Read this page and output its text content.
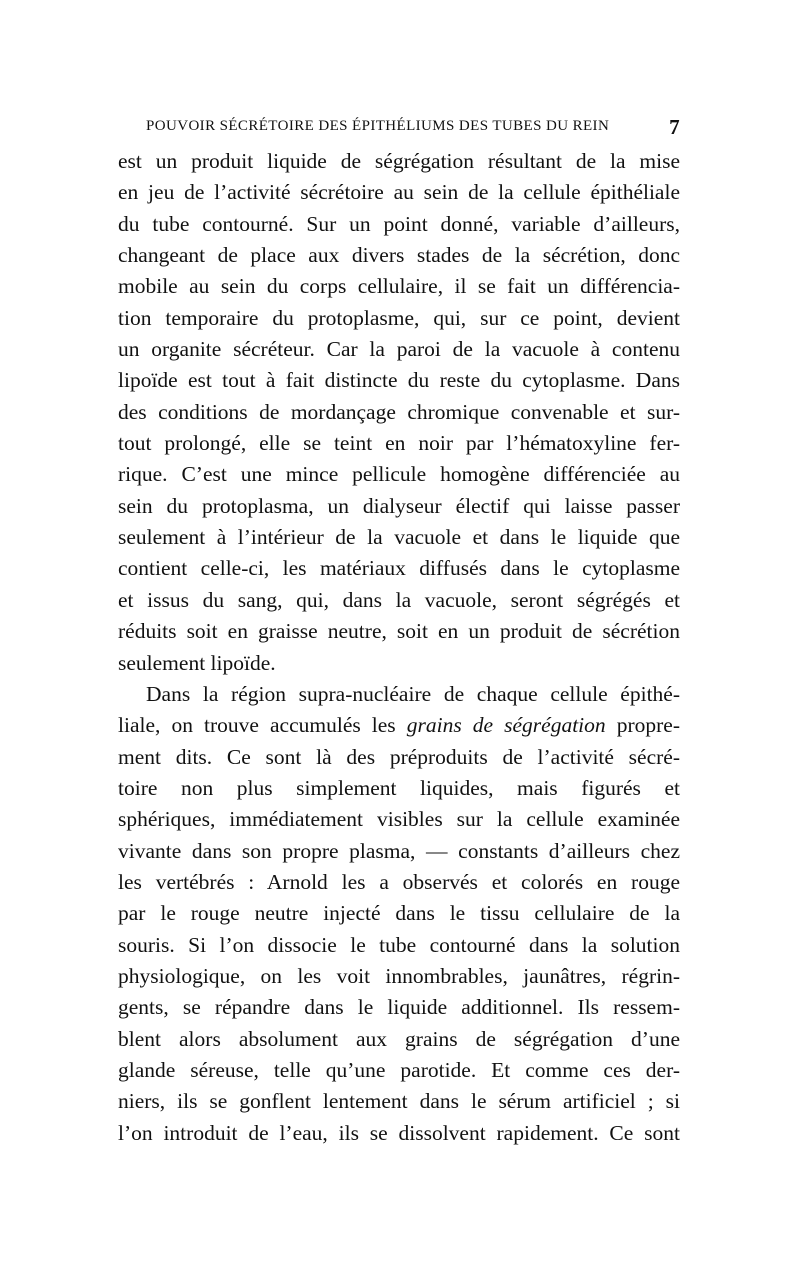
POUVOIR SÉCRÉTOIRE DES ÉPITHÉLIUMS DES TUBES DU REIN	7
est un produit liquide de ségrégation résultant de la mise
en jeu de l’activité sécrétoire au sein de la cellule épithéliale
du tube contourné. Sur un point donné, variable d’ailleurs,
changeant de place aux divers stades de la sécrétion, donc
mobile au sein du corps cellulaire, il se fait un différencia-
tion temporaire du protoplasme, qui, sur ce point, devient
un organite sécréteur. Car la paroi de la vacuole à contenu
lipoïde est tout à fait distincte du reste du cytoplasme. Dans
des conditions de mordançage chromique convenable et sur-
tout prolongé, elle se teint en noir par l’hématoxyline fer-
rique. C’est une mince pellicule homogène différenciée au
sein du protoplasma, un dialyseur électif qui laisse passer
seulement à l’intérieur de la vacuole et dans le liquide que
contient celle-ci, les matériaux diffusés dans le cytoplasme
et issus du sang, qui, dans la vacuole, seront ségrégés et
réduits soit en graisse neutre, soit en un produit de sécrétion
seulement lipoïde.
Dans la région supra-nucléaire de chaque cellule épithé-
liale, on trouve accumulés les grains de ségrégation propre-
ment dits. Ce sont là des préproduits de l’activité sécré-
toire non plus simplement liquides, mais figurés et
sphériques, immédiatement visibles sur la cellule examinée
vivante dans son propre plasma, — constants d’ailleurs chez
les vertébrés : Arnold les a observés et colorés en rouge
par le rouge neutre injecté dans le tissu cellulaire de la
souris. Si l’on dissocie le tube contourné dans la solution
physiologique, on les voit innombrables, jaunâtres, régrin-
gents, se répandre dans le liquide additionnel. Ils ressem-
blent alors absolument aux grains de ségrégation d’une
glande séreuse, telle qu’une parotide. Et comme ces der-
niers, ils se gonflent lentement dans le sérum artificiel ; si
l’on introduit de l’eau, ils se dissolvent rapidement. Ce sont
